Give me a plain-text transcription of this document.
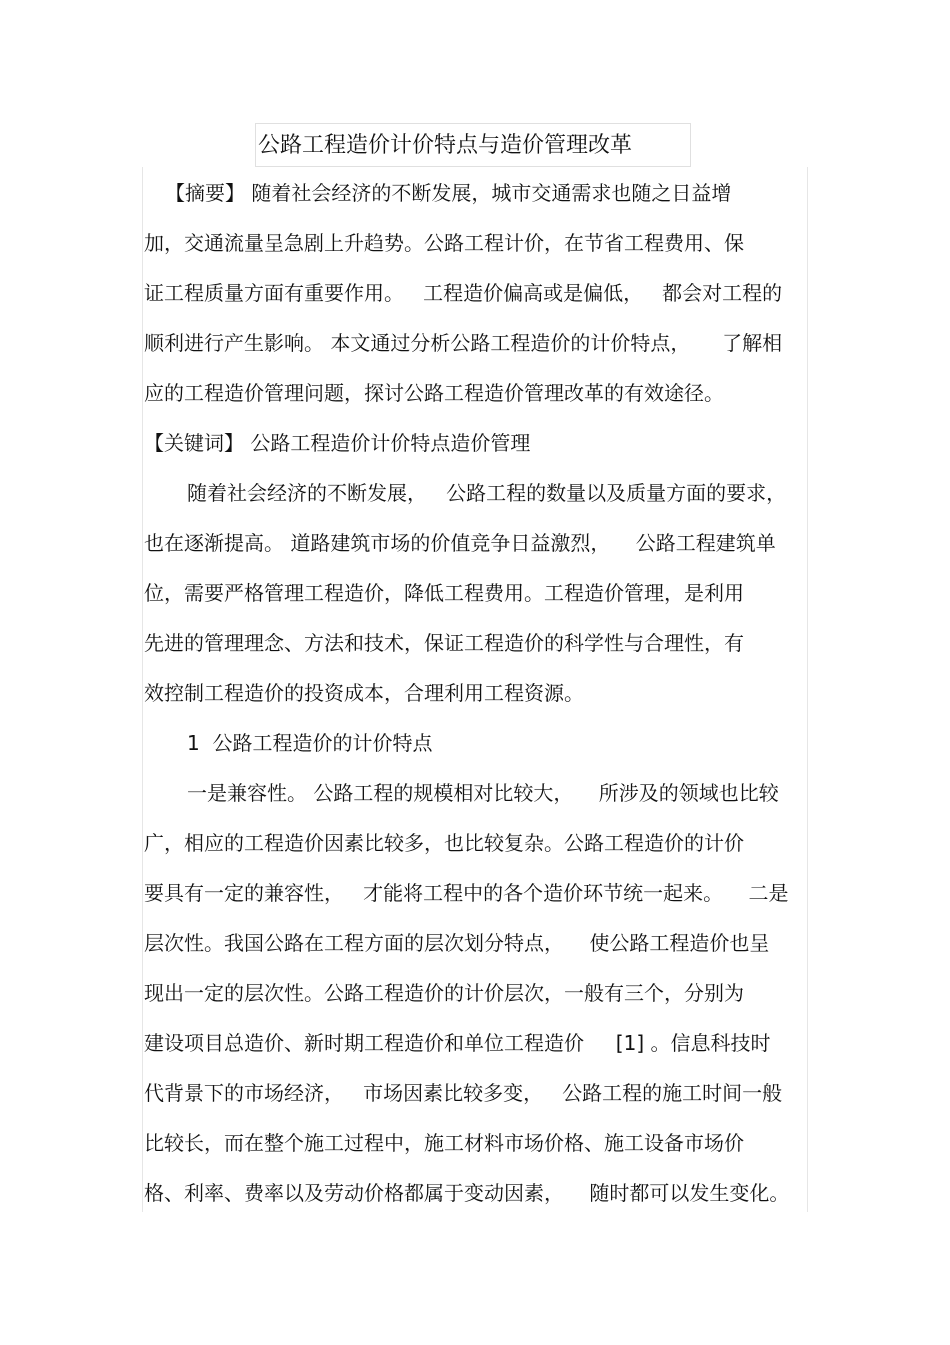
公路工程造价计价特点与造价管理改革
【摘要】 随着社会经济的不断发展，城市交通需求也随之日益增
加，交通流量呈急剧上升趋势。公路工程计价，在节省工程费用、保
证工程质量方面有重要作用。   工程造价偏高或是偏低，   都会对工程的
顺利进行产生影响。 本文通过分析公路工程造价的计价特点，     了解相
应的工程造价管理问题，探讨公路工程造价管理改革的有效途径。
【关键词】 公路工程造价计价特点造价管理
随着社会经济的不断发展，   公路工程的数量以及质量方面的要求，
也在逐渐提高。 道路建筑市场的价值竞争日益激烈，    公路工程建筑单
位，需要严格管理工程造价，降低工程费用。工程造价管理，是利用
先进的管理理念、方法和技术，保证工程造价的科学性与合理性，有
效控制工程造价的投资成本，合理利用工程资源。
1  公路工程造价的计价特点
一是兼容性。 公路工程的规模相对比较大，    所涉及的领域也比较
广，相应的工程造价因素比较多，也比较复杂。公路工程造价的计价
要具有一定的兼容性，   才能将工程中的各个造价环节统一起来。    二是
层次性。我国公路在工程方面的层次划分特点，    使公路工程造价也呈
现出一定的层次性。公路工程造价的计价层次，一般有三个，分别为
建设项目总造价、新时期工程造价和单位工程造价     [1] 。信息科技时
代背景下的市场经济，   市场因素比较多变，   公路工程的施工时间一般
比较长，而在整个施工过程中，施工材料市场价格、施工设备市场价
格、利率、费率以及劳动价格都属于变动因素，    随时都可以发生变化。
